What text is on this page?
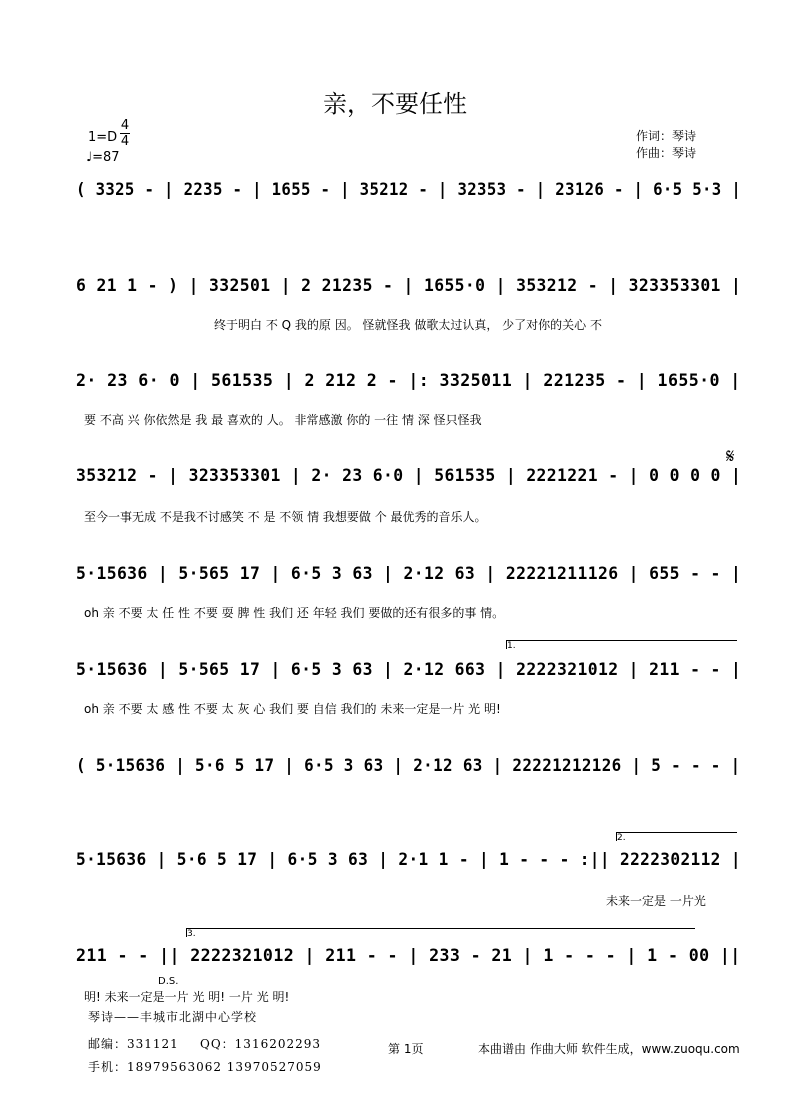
亲，不要任性
1=D
4
4
♩=87
作词：琴诗
作曲：琴诗
( 3325 - | 2235 - | 1655 - | 35212 - | 32353 - | 23126 - | 6·5 5·3 |
6 21 1 - ) | 332501 | 2 21235 - | 1655·0 | 353212 - | 323353301 |
终于明白 不 Q 我的原 因。 怪就怪我 做歌太过认真， 少了对你的关心 不
2· 23 6· 0 | 561535 | 2 212 2 - |: 3325011 | 221235 - | 1655·0 |
要 不高 兴 你依然是 我 最 喜欢的 人。 非常感激 你的 一往 情 深 怪只怪我
353212 - | 323353301 | 2· 23 6·0 | 561535 | 2221221 - | 0 0 0 0 |
至今一事无成 不是我不讨感笑 不 是 不领 情 我想要做 个 最优秀的音乐人。
𝄋
5·15636 | 5·565 17 | 6·5 3 63 | 2·12 63 | 22221211126 | 655 - - |
oh 亲 不要 太 任 性 不要 耍 脾 性 我们 还 年轻 我们 要做的还有很多的事 情。
1.
5·15636 | 5·565 17 | 6·5 3 63 | 2·12 663 | 2222321012 | 211 - - |
oh 亲 不要 太 感 性 不要 太 灰 心 我们 要 自信 我们的 未来一定是一片 光 明!
( 5·15636 | 5·6 5 17 | 6·5 3 63 | 2·12 63 | 22221212126 | 5 - - - |
2.
5·15636 | 5·6 5 17 | 6·5 3 63 | 2·1 1 - | 1 - - - :|| 2222302112 |
未来一定是 一片光
3.
211 - - || 2222321012 | 211 - - | 233 - 21 | 1 - - - | 1 - 00 ||
明! 未来一定是一片 光 明! 一片 光 明!
D.S.
琴诗——丰城市北湖中心学校
邮编：331121 QQ：1316202293
手机：18979563062 13970527059
第 1页	本曲谱由 作曲大师 软件生成，www.zuoqu.com
